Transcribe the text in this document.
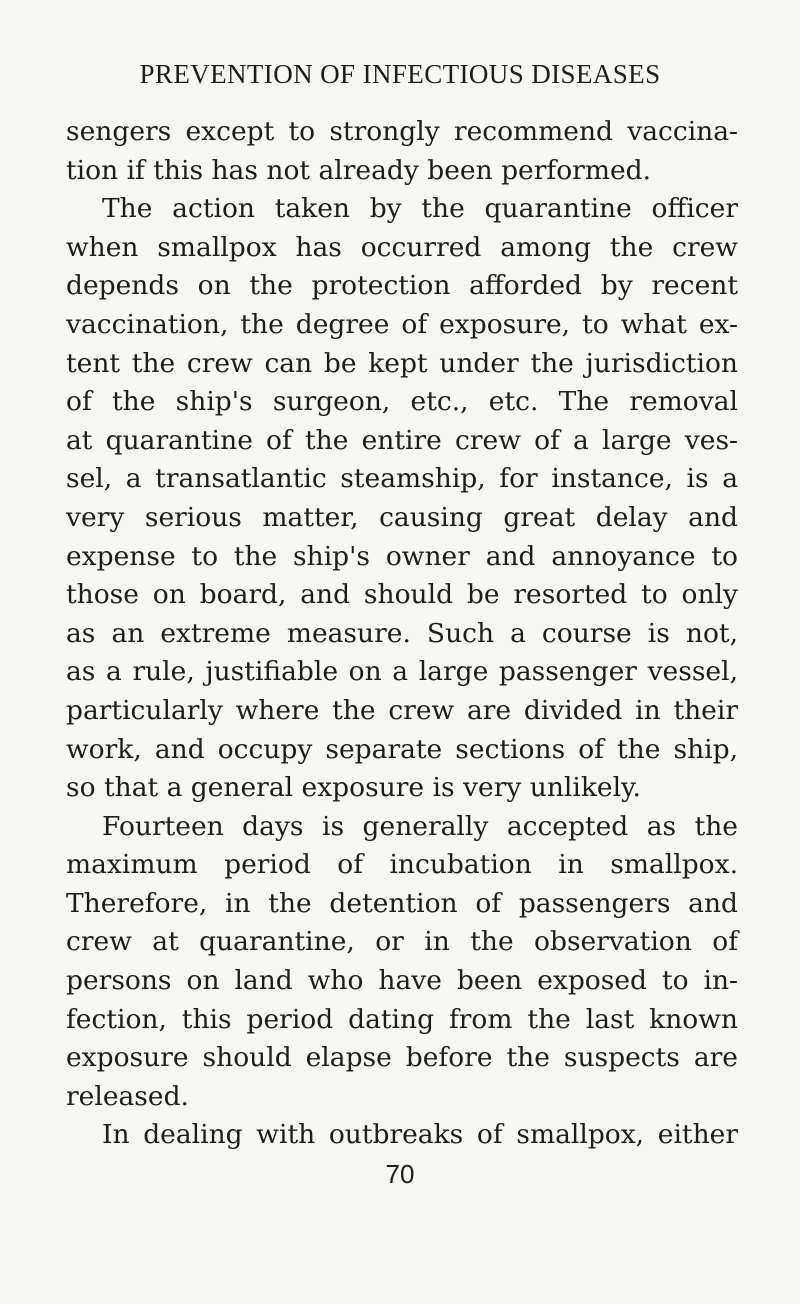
PREVENTION OF INFECTIOUS DISEASES
sengers except to strongly recommend vaccina-
tion if this has not already been performed.
The action taken by the quarantine officer
when smallpox has occurred among the crew
depends on the protection afforded by recent
vaccination, the degree of exposure, to what ex-
tent the crew can be kept under the jurisdiction
of the ship's surgeon, etc., etc. The removal
at quarantine of the entire crew of a large ves-
sel, a transatlantic steamship, for instance, is a
very serious matter, causing great delay and
expense to the ship's owner and annoyance to
those on board, and should be resorted to only
as an extreme measure. Such a course is not,
as a rule, justifiable on a large passenger vessel,
particularly where the crew are divided in their
work, and occupy separate sections of the ship,
so that a general exposure is very unlikely.
Fourteen days is generally accepted as the
maximum period of incubation in smallpox.
Therefore, in the detention of passengers and
crew at quarantine, or in the observation of
persons on land who have been exposed to in-
fection, this period dating from the last known
exposure should elapse before the suspects are
released.
In dealing with outbreaks of smallpox, either
70
